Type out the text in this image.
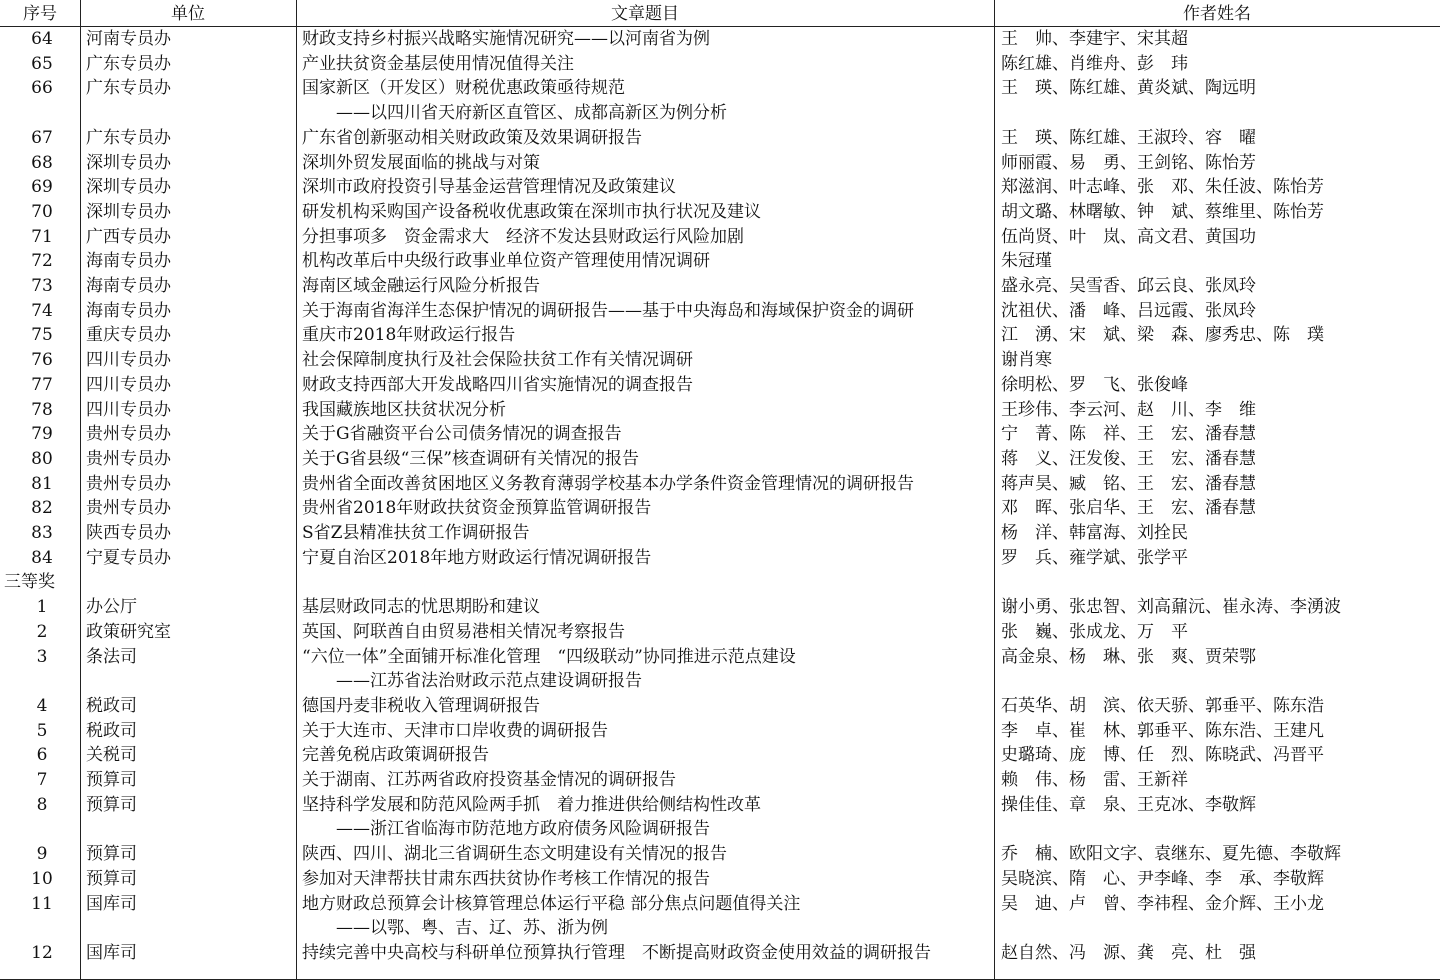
序号	单位	文章题目	作者姓名
64	河南专员办	财政支持乡村振兴战略实施情况研究——以河南省为例	王　帅、李建宇、宋其超
65	广东专员办	产业扶贫资金基层使用情况值得关注	陈红雄、肖维舟、彭　玮
66	广东专员办	国家新区（开发区）财税优惠政策亟待规范	王　瑛、陈红雄、黄炎斌、陶远明
　　——以四川省天府新区直管区、成都高新区为例分析
67	广东专员办	广东省创新驱动相关财政政策及效果调研报告	王　瑛、陈红雄、王淑玲、容　曜
68	深圳专员办	深圳外贸发展面临的挑战与对策	师丽霞、易　勇、王剑铭、陈怡芳
69	深圳专员办	深圳市政府投资引导基金运营管理情况及政策建议	郑滋润、叶志峰、张　邓、朱任波、陈怡芳
70	深圳专员办	研发机构采购国产设备税收优惠政策在深圳市执行状况及建议	胡文璐、林曙敏、钟　斌、蔡维里、陈怡芳
71	广西专员办	分担事项多　资金需求大　经济不发达县财政运行风险加剧	伍尚贤、叶　岚、高文君、黄国功
72	海南专员办	机构改革后中央级行政事业单位资产管理使用情况调研	朱冠瑾
73	海南专员办	海南区域金融运行风险分析报告	盛永亮、吴雪香、邱云良、张凤玲
74	海南专员办	关于海南省海洋生态保护情况的调研报告——基于中央海岛和海域保护资金的调研	沈祖伏、潘　峰、吕远霞、张凤玲
75	重庆专员办	重庆市2018年财政运行报告	江　湧、宋　斌、梁　森、廖秀忠、陈　璞
76	四川专员办	社会保障制度执行及社会保险扶贫工作有关情况调研	谢肖寒
77	四川专员办	财政支持西部大开发战略四川省实施情况的调查报告	徐明松、罗　飞、张俊峰
78	四川专员办	我国藏族地区扶贫状况分析	王珍伟、李云河、赵　川、李　维
79	贵州专员办	关于G省融资平台公司债务情况的调查报告	宁　菁、陈　祥、王　宏、潘春慧
80	贵州专员办	关于G省县级“三保”核查调研有关情况的报告	蒋　义、汪发俊、王　宏、潘春慧
81	贵州专员办	贵州省全面改善贫困地区义务教育薄弱学校基本办学条件资金管理情况的调研报告	蒋声昊、臧　铭、王　宏、潘春慧
82	贵州专员办	贵州省2018年财政扶贫资金预算监管调研报告	邓　晖、张启华、王　宏、潘春慧
83	陕西专员办	S省Z县精准扶贫工作调研报告	杨　洋、韩富海、刘拴民
84	宁夏专员办	宁夏自治区2018年地方财政运行情况调研报告	罗　兵、雍学斌、张学平
三等奖
1	办公厅	基层财政同志的忧思期盼和建议	谢小勇、张忠智、刘高鼐沅、崔永涛、李湧波
2	政策研究室	英国、阿联酋自由贸易港相关情况考察报告	张　巍、张成龙、万　平
3	条法司	“六位一体”全面铺开标准化管理　“四级联动”协同推进示范点建设	高金泉、杨　琳、张　爽、贾荣鄂
　　——江苏省法治财政示范点建设调研报告
4	税政司	德国丹麦非税收入管理调研报告	石英华、胡　滨、依天骄、郭垂平、陈东浩
5	税政司	关于大连市、天津市口岸收费的调研报告	李　卓、崔　林、郭垂平、陈东浩、王建凡
6	关税司	完善免税店政策调研报告	史璐琦、庞　博、任　烈、陈晓武、冯晋平
7	预算司	关于湖南、江苏两省政府投资基金情况的调研报告	赖　伟、杨　雷、王新祥
8	预算司	坚持科学发展和防范风险两手抓　着力推进供给侧结构性改革	操佳佳、章　泉、王克冰、李敬辉
　　——浙江省临海市防范地方政府债务风险调研报告
9	预算司	陕西、四川、湖北三省调研生态文明建设有关情况的报告	乔　楠、欧阳文字、袁继东、夏先德、李敬辉
10	预算司	参加对天津帮扶甘肃东西扶贫协作考核工作情况的报告	吴晓滨、隋　心、尹李峰、李　承、李敬辉
11	国库司	地方财政总预算会计核算管理总体运行平稳 部分焦点问题值得关注	吴　迪、卢　曾、李祎程、金介辉、王小龙
　　——以鄂、粤、吉、辽、苏、浙为例
12	国库司	持续完善中央高校与科研单位预算执行管理　不断提高财政资金使用效益的调研报告	赵自然、冯　源、龚　亮、杜　强
